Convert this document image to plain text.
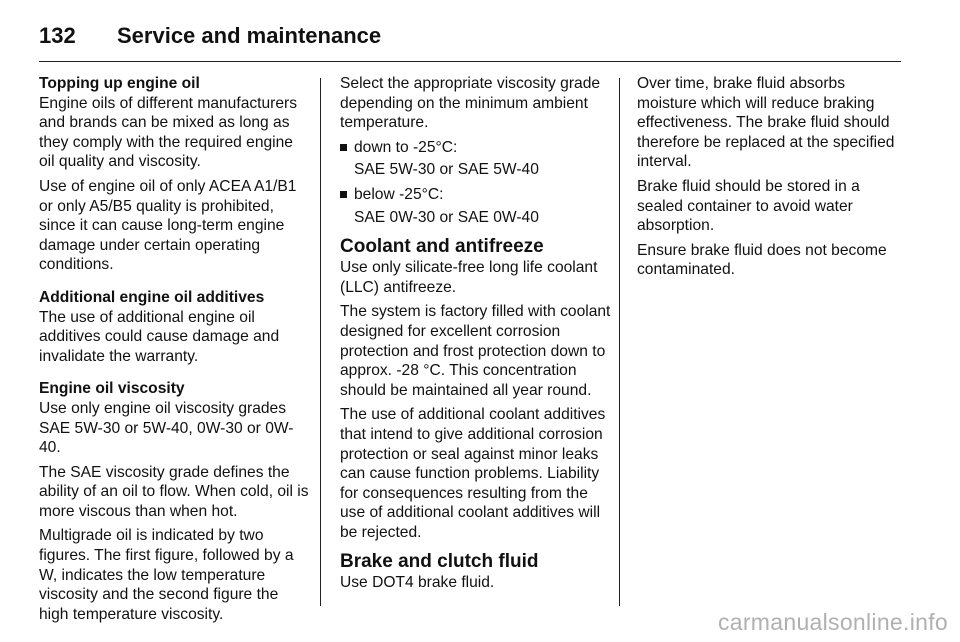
132	Service and maintenance
Topping up engine oil

Engine oils of different manufacturers and brands can be mixed as long as they comply with the required engine oil quality and viscosity.

Use of engine oil of only ACEA A1/B1 or only A5/B5 quality is prohibited, since it can cause long-term engine damage under certain operating conditions.

Additional engine oil additives

The use of additional engine oil additives could cause damage and invalidate the warranty.

Engine oil viscosity

Use only engine oil viscosity grades SAE 5W-30 or 5W-40, 0W-30 or 0W-40.

The SAE viscosity grade defines the ability of an oil to flow. When cold, oil is more viscous than when hot.

Multigrade oil is indicated by two figures. The first figure, followed by a W, indicates the low temperature viscosity and the second figure the high temperature viscosity.

Select the appropriate viscosity grade depending on the minimum ambient temperature.

down to -25°C:
SAE 5W-30 or SAE 5W-40
below -25°C:
SAE 0W-30 or SAE 0W-40
Coolant and antifreeze

Use only silicate-free long life coolant (LLC) antifreeze.

The system is factory filled with coolant designed for excellent corrosion protection and frost protection down to approx. -28 °C. This concentration should be maintained all year round.

The use of additional coolant additives that intend to give additional corrosion protection or seal against minor leaks can cause function problems. Liability for consequences resulting from the use of additional coolant additives will be rejected.

Brake and clutch fluid

Use DOT4 brake fluid.

Over time, brake fluid absorbs moisture which will reduce braking effectiveness. The brake fluid should therefore be replaced at the specified interval.

Brake fluid should be stored in a sealed container to avoid water absorption.

Ensure brake fluid does not become contaminated.

carmanualsonline.info
